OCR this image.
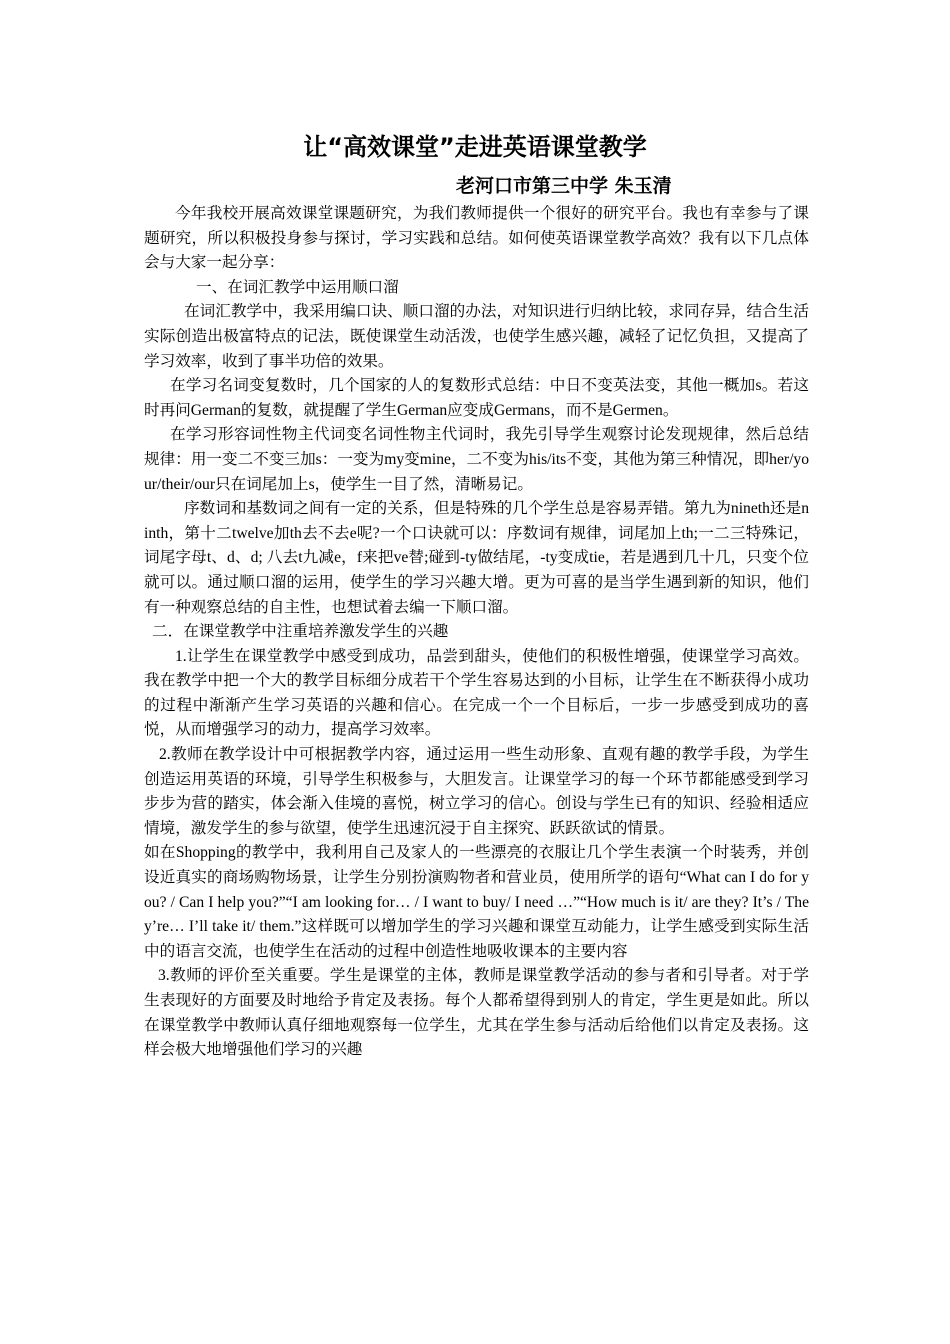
让“高效课堂”走进英语课堂教学
老河口市第三中学 朱玉清

今年我校开展高效课堂课题研究，为我们教师提供一个很好的研究平台。我也有幸参与了课题研究，所以积极投身参与探讨，学习实践和总结。如何使英语课堂教学高效？我有以下几点体会与大家一起分享：

一、在词汇教学中运用顺口溜

在词汇教学中，我采用编口诀、顺口溜的办法，对知识进行归纳比较，求同存异，结合生活实际创造出极富特点的记法，既使课堂生动活泼，也使学生感兴趣，减轻了记忆负担，又提高了学习效率，收到了事半功倍的效果。

在学习名词变复数时，几个国家的人的复数形式总结：中日不变英法变，其他一概加s。若这时再问German的复数，就提醒了学生German应变成Germans，而不是Germen。

在学习形容词性物主代词变名词性物主代词时，我先引导学生观察讨论发现规律，然后总结规律：用一变二不变三加s：一变为my变mine，二不变为his/its不变，其他为第三种情况，即her/your/their/our只在词尾加上s，使学生一目了然，清晰易记。

序数词和基数词之间有一定的关系，但是特殊的几个学生总是容易弄错。第九为nineth还是ninth，第十二twelve加th去不去e呢?一个口诀就可以：序数词有规律，词尾加上th;一二三特殊记，词尾字母t、d、d; 八去t九减e，f来把ve替;碰到-ty做结尾，-ty变成tie，若是遇到几十几，只变个位就可以。通过顺口溜的运用，使学生的学习兴趣大增。更为可喜的是当学生遇到新的知识，他们有一种观察总结的自主性，也想试着去编一下顺口溜。

二．在课堂教学中注重培养激发学生的兴趣

1.让学生在课堂教学中感受到成功，品尝到甜头，使他们的积极性增强，使课堂学习高效。我在教学中把一个大的教学目标细分成若干个学生容易达到的小目标，让学生在不断获得小成功的过程中渐渐产生学习英语的兴趣和信心。在完成一个一个目标后，一步一步感受到成功的喜悦，从而增强学习的动力，提高学习效率。

2.教师在教学设计中可根据教学内容，通过运用一些生动形象、直观有趣的教学手段，为学生创造运用英语的环境，引导学生积极参与，大胆发言。让课堂学习的每一个环节都能感受到学习步步为营的踏实，体会渐入佳境的喜悦，树立学习的信心。创设与学生已有的知识、经验相适应情境，激发学生的参与欲望，使学生迅速沉浸于自主探究、跃跃欲试的情景。

如在Shopping的教学中，我利用自己及家人的一些漂亮的衣服让几个学生表演一个时装秀，并创设近真实的商场购物场景，让学生分别扮演购物者和营业员，使用所学的语句“What can I do for you? / Can I help you?”“I am looking for… / I want to buy/ I need …”“How much is it/ are they? It’s / They’re… I’ll take it/ them.”这样既可以增加学生的学习兴趣和课堂互动能力，让学生感受到实际生活中的语言交流，也使学生在活动的过程中创造性地吸收课本的主要内容

3.教师的评价至关重要。学生是课堂的主体，教师是课堂教学活动的参与者和引导者。对于学生表现好的方面要及时地给予肯定及表扬。每个人都希望得到别人的肯定，学生更是如此。所以在课堂教学中教师认真仔细地观察每一位学生，尤其在学生参与活动后给他们以肯定及表扬。这样会极大地增强他们学习的兴趣
